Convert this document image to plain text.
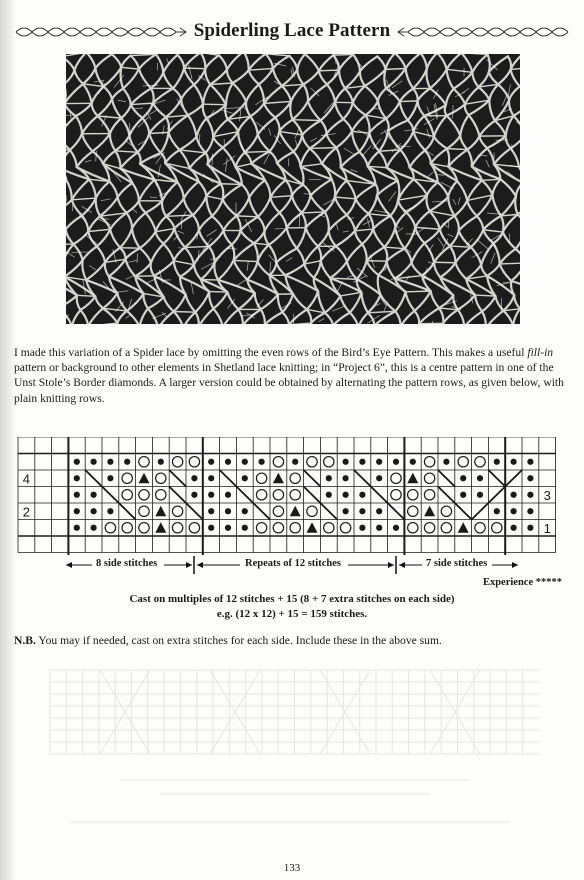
Spiderling Lace Pattern
I made this variation of a Spider lace by omitting the even rows of the Bird’s Eye Pattern. This makes a useful fill-in pattern or background to other elements in Shetland lace knitting; in “Project 6”, this is a centre pattern in one of the Unst Stole’s Border diamonds. A larger version could be obtained by alternating the pattern rows, as given below, with plain knitting rows.
4
2
3
1
8 side stitches	Repeats of 12 stitches	7 side stitches
Experience *****
Cast on multiples of 12 stitches + 15 (8 + 7 extra stitches on each side)
e.g. (12 x 12) + 15 = 159 stitches.
N.B. You may if needed, cast on extra stitches for each side. Include these in the above sum.
133
